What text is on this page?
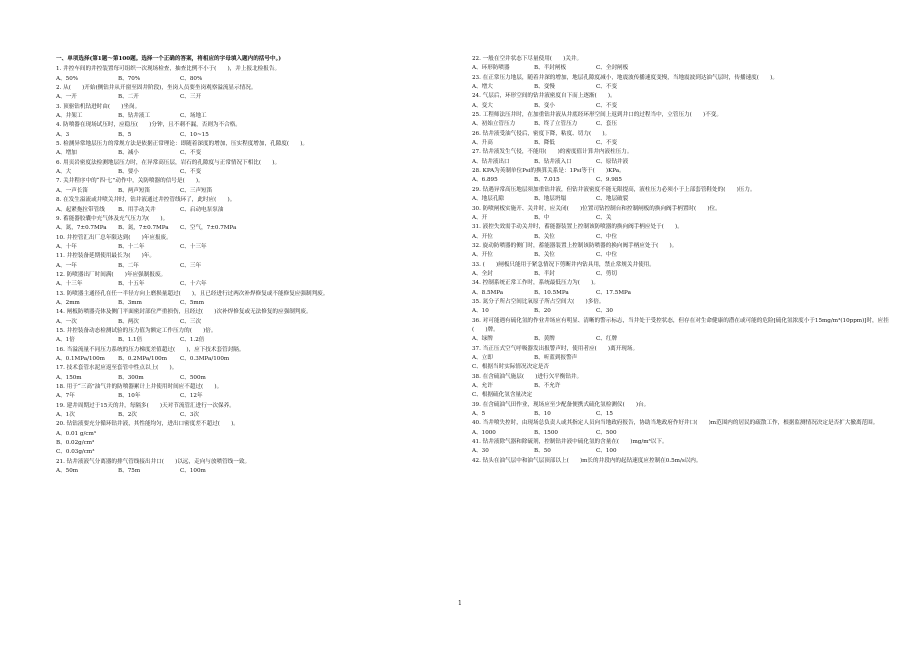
一、单项选择(第1题～第100题。选择一个正确的答案，将相应的字母填入题内的括号中。)
1. 井控车间的井控装置每可组织一次现场检查，抽查比例不小于(　　)，并上报北检报告。
A、50%	B、70%	C、80%
2. 从(　　)开始(侧钻井从开窗至固井阶段)，坐岗人员要坐岗观察溢流显示情况。
A、一开	B、二开	C、三开
3. 顶驱钻机钻进时由(　　)坐岗。
A、井架工	B、钻井液工	C、场地工
4. 防喷器在现场试压时，应稳压(　　)分钟，且不刺不漏，否则为不合格。
A、3	B、5	C、10~15
5. 检测异常地层压力的常规方法是依据正常理论：即随着深度的增加，压实程度增加，孔隙度(　　)。
A、增加	B、减小	C、不变
6. 用页岩密度法检测地层压力时，在异常高压层，岩石的孔隙度与正常情况下相比(　　)。
A、大	B、要小	C、不变
7. 关井程序中的“四·七”动作中，关防喷器的信号是(　　)。
A、一声长笛	B、两声短笛	C、三声短笛
8. 在发生溢流或井喷关井时，钻井液通过井控管线环了，此时应(　　)。
A、起紧拖拉带管线	B、用手动关井	C、启动电泵泵油
9. 蓄能器胶囊中充气体及充气压力为(　　)。
A、氮，7±0.7MPa	B、氮，7±0.7MPa	C、空气，7±0.7MPa
10. 井控管汇出厂总年限达到(　　)年应报废。
A、十年	B、十二年	C、十三年
11. 井控装备延期使用最长为(　　)年。
A、一年	B、二年	C、三年
12. 防喷器出厂时间满(　　)年应强制报废。
A、十三年	B、十五年	C、十六年
13. 防喷器主通径孔在任一半径方向上磨损量超过(　　)，且已经进行过两次补焊修复或不能修复应强制判废。
A、2mm	B、3mm	C、5mm
14. 闸板防喷器壳体及侧门平面密封部位严重损伤，且经过(　　)次补焊修复或无法修复的应强制判废。
A、一次	B、两次	C、三次
15. 井控装备动态检测试验的压力值为额定工作压力的(　　)倍。
A、1倍	B、1.1倍	C、1.2倍
16. 当溢流量不同压力系统的压力梯度差值超过(　　)，应下技术套管封隔。
A、0.1MPa/100m	B、0.2MPa/100m	C、0.3MPa/100m
17. 技术套管水泥应返至套管中性点以上(　　)。
A、150m	B、300m	C、500m
18. 用于“三高”油气井的防喷器累计上井使用时间应不超过(　　)。
A、7年	B、10年	C、12年
19. 建井周期过于15天的井，每隔多(　　)天对节流管汇进行一次保养。
A、1次	B、2次	C、3次
20. 钻钻液要充分循环钻井液，其性能均匀，进出口密度差不超过(　　)。
A、0.01 g/cm³
B、0.02g/cm³
C、0.03g/cm³
21. 钻井液液气分离器的排气管线接出井口(　　)以远，走向与放喷管线一致。
A、50m	B、75m	C、100m
22. 一般在空井状态下尽量使用(　　)关井。
A、环形防喷器	B、半封闸板	C、全封闸板
23. 在正常压力地层，随着井深的增加，地层孔隙度减小，地震波传播速度变慢，当地震波到达油气层时，传播速度(　　)。
A、增大	B、变慢	C、不变
24. 气层后，环形空间的钻井液密度自下而上逐渐(　　)。
A、变大	B、变小	C、不变
25. 工程师法压井时，在加重钻井液从井底经环形空间上返到井口的过程当中，立管压力(　　)不变。
A、初始立管压力	B、终了立管压力	C、套压
26. 钻井液受油气侵后，密度下降，粘度、切力(　　)。
A、升高	B、降低	C、不变
27. 钻井液发生气侵，不能用(　　)的密度值计算井内液柱压力。
A、钻井液出口	B、钻井液入口	C、原钻井液
28. KPA为英制单位Psi的换算关系是：1Psi等于(　　)KPa。
A、6.895	B、7.015	C、9.985
29. 钻遇异常高压地层须加重钻井液，但钻井液密度不能无限提高，液柱压力必须小于上部套管鞋处的(　　)压力。
A、地层孔隙	B、地层坍塌	C、地层破裂
30. 防喷闸板实施开、关井时，应关闭(　　)位置司钻控制台和控制闸板的换向阀手柄置时(　　)位。
A、开	B、中	C、关
31. 液控失效需手动关井时，蓄能器装置上控制该防喷器的换向阀手柄应处于(　　)。
A、开位	B、关位	C、中位
32. 旋动防喷器的侧门时，蓄能器装置上控制该防喷器的换向阀手柄应处于(　　)。
A、开位	B、关位	C、中位
33. (　　)闸板只能用于紧急情况下剪断井内钻具用，禁止常规关井使用。
A、全封	B、半封	C、剪切
34. 控制系统正常工作时，系统最低压力为(　　)。
A、8.5MPa	B、10.5MPa	C、17.5MPa
35. 氮分子所占空间比氧原子所占空间大(　　)多倍。
A、10	B、20	C、30
36. 对可能遇有硫化氢的作业井场应有明显、清晰的警示标志，当井处于受控状态，但存在对生命健康的潜在或可能的危险[硫化氢浓度小于15mg/m³(10ppm)]时，应挂(　　)牌。
A、绿牌	B、黄牌	C、红牌
37. 当正压式空气呼吸器发出报警声时，使用者应(　　)离开现场。
A、立即	B、听蓝到报警声
C、根据当时实际情况决定是否
38. 在含硫油气施层(　　)进行欠平衡钻井。
A、允许	B、不允许
C、根据硫化氢含量决定
39. 在含硫油气田作业，现场应至少配备便携式硫化氢检测仪(　　)台。
A、5	B、10	C、15
40. 当井喷失控时，由现场总负责人或其指定人员向当地政府报告，协助当地政府作好井口(　　)m范围内的居民的疏散工作，根据监测情况决定是否扩大撤离范围。
A、1000	B、1500	C、500
41. 钻井液除气器和除硫剂，控制钻井液中硫化氢的含量在(　　)mg/m³以下。
A、30	B、50	C、100
42. 钻头在油气层中和油气层顶部以上(　　)m长的井段内的起钻速度应控制在0.5m/s以内。
1
